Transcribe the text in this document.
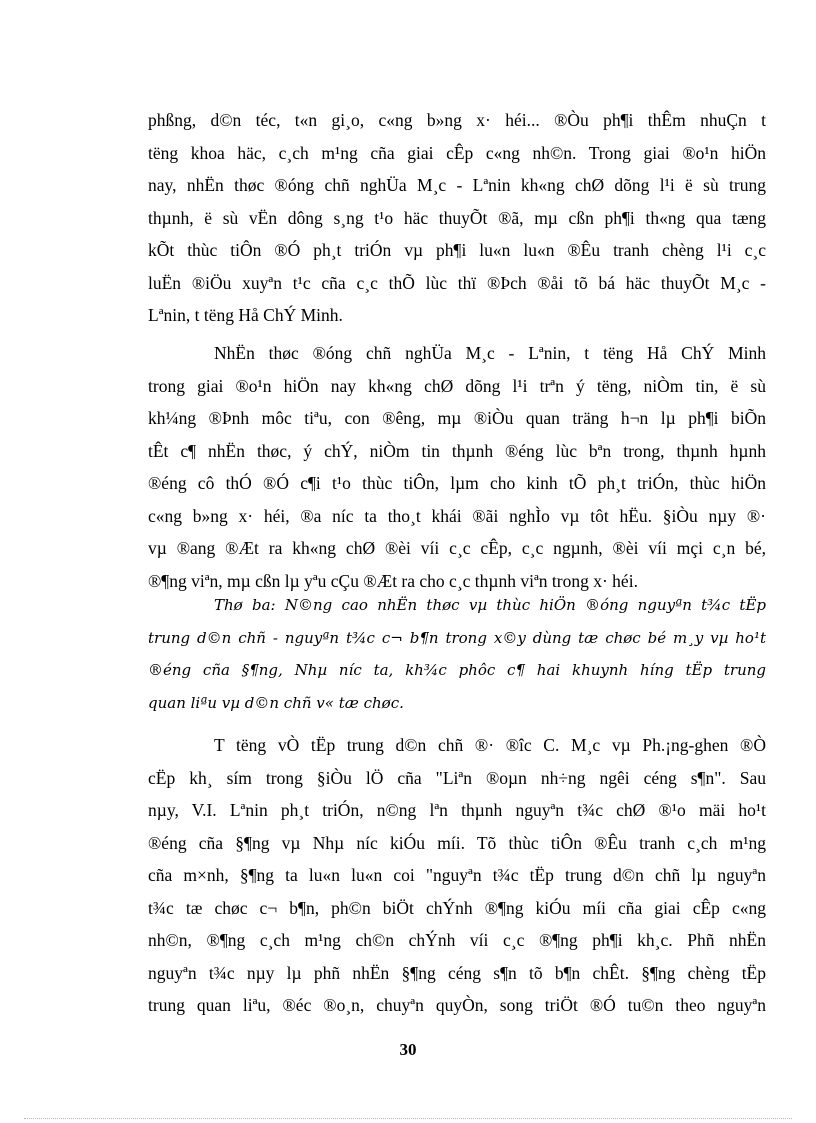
phßng, d©n téc, t«n gi¸o, c«ng b»ng x· héi... ®Òu ph¶i thÊm nhuÇn t
tëng khoa häc, c¸ch m¹ng cña giai cÊp c«ng nh©n. Trong giai ®o¹n hiÖn
nay, nhËn thøc ®óng chñ nghÜa M¸c - Lªnin kh«ng chØ dõng l¹i ë sù trung
thµnh, ë sù vËn dông s¸ng t¹o häc thuyÕt ®ã, mµ cßn ph¶i th«ng qua tæng
kÕt thùc tiÔn ®Ó ph¸t triÓn vµ ph¶i lu«n lu«n ®Êu tranh chèng l¹i c¸c
luËn ®iÖu xuyªn t¹c cña c¸c thÕ lùc thï ®Þch ®åi tõ bá häc thuyÕt M¸c -
Lªnin, t tëng Hå ChÝ Minh.
NhËn thøc ®óng chñ nghÜa M¸c - Lªnin, t tëng Hå ChÝ Minh
trong giai ®o¹n hiÖn nay kh«ng chØ dõng l¹i trªn ý tëng, niÒm tin, ë sù
kh¼ng ®Þnh môc tiªu, con ®êng, mµ ®iÒu quan träng h¬n lµ ph¶i biÕn
tÊt c¶ nhËn thøc, ý chÝ, niÒm tin thµnh ®éng lùc bªn trong, thµnh hµnh
®éng cô thÓ ®Ó c¶i t¹o thùc tiÔn, lµm cho kinh tÕ ph¸t triÓn, thùc hiÖn
c«ng b»ng x· héi, ®a níc ta tho¸t khái ®ãi nghÌo vµ tôt hËu. §iÒu nµy ®·
vµ ®ang ®Æt ra kh«ng chØ ®èi víi c¸c cÊp, c¸c ngµnh, ®èi víi mçi c¸n bé,
®¶ng viªn, mµ cßn lµ yªu cÇu ®Æt ra cho c¸c thµnh viªn trong x· héi.
Thø ba: N©ng cao nhËn thøc vµ thùc hiÖn ®óng nguyªn t¾c tËp
trung d©n chñ - nguyªn t¾c c¬ b¶n trong x©y dùng tæ chøc bé m¸y vµ ho¹t
®éng cña §¶ng, Nhµ níc ta, kh¾c phôc c¶ hai khuynh híng tËp trung
quan liªu vµ d©n chñ v« tæ chøc.
T tëng vÒ tËp trung d©n chñ ®· ®îc C. M¸c vµ Ph.¡ng-ghen ®Ò
cËp kh¸ sím trong §iÒu lÖ cña "Liªn ®oµn nh÷ng ngêi céng s¶n". Sau
nµy, V.I. Lªnin ph¸t triÓn, n©ng lªn thµnh nguyªn t¾c chØ ®¹o mäi ho¹t
®éng cña §¶ng vµ Nhµ níc kiÓu míi. Tõ thùc tiÔn ®Êu tranh c¸ch m¹ng
cña m×nh, §¶ng ta lu«n lu«n coi "nguyªn t¾c tËp trung d©n chñ lµ nguyªn
t¾c tæ chøc c¬ b¶n, ph©n biÖt chÝnh ®¶ng kiÓu míi cña giai cÊp c«ng
nh©n, ®¶ng c¸ch m¹ng ch©n chÝnh víi c¸c ®¶ng ph¶i kh¸c. Phñ nhËn
nguyªn t¾c nµy lµ phñ nhËn §¶ng céng s¶n tõ b¶n chÊt. §¶ng chèng tËp
trung quan liªu, ®éc ®o¸n, chuyªn quyÒn, song triÖt ®Ó tu©n theo nguyªn
30
